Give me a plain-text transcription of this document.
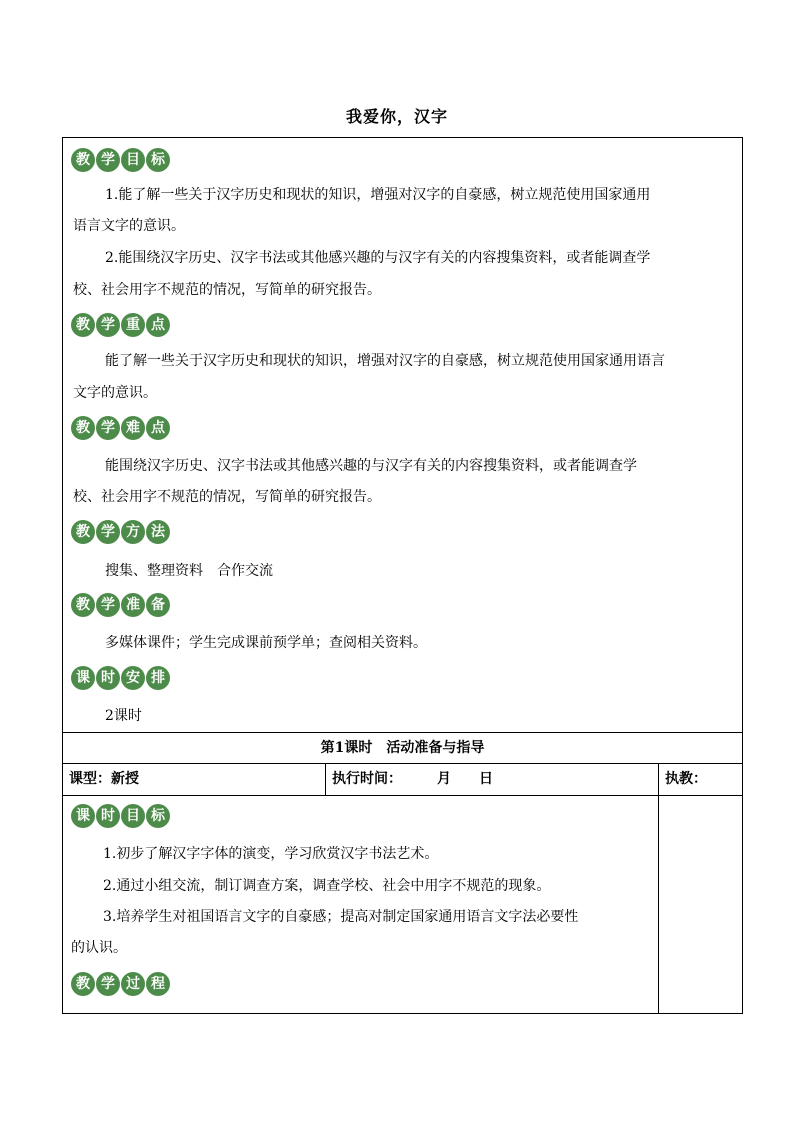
我爱你，汉字
教 学 目 标
1.能了解一些关于汉字历史和现状的知识，增强对汉字的自豪感，树立规范使用国家通用
语言文字的意识。
2.能围绕汉字历史、汉字书法或其他感兴趣的与汉字有关的内容搜集资料，或者能调查学
校、社会用字不规范的情况，写简单的研究报告。
教 学 重 点
能了解一些关于汉字历史和现状的知识，增强对汉字的自豪感，树立规范使用国家通用语言
文字的意识。
教 学 难 点
能围绕汉字历史、汉字书法或其他感兴趣的与汉字有关的内容搜集资料，或者能调查学
校、社会用字不规范的情况，写简单的研究报告。
教 学 方 法
搜集、整理资料　合作交流
教 学 准 备
多媒体课件；学生完成课前预学单；查阅相关资料。
课 时 安 排
2课时
第1课时　活动准备与指导
课型：新授	执行时间：　　　月　　日	执教：
课 时 目 标
1.初步了解汉字字体的演变，学习欣赏汉字书法艺术。
2.通过小组交流，制订调查方案，调查学校、社会中用字不规范的现象。
3.培养学生对祖国语言文字的自豪感；提高对制定国家通用语言文字法必要性
的认识。
教 学 过 程
